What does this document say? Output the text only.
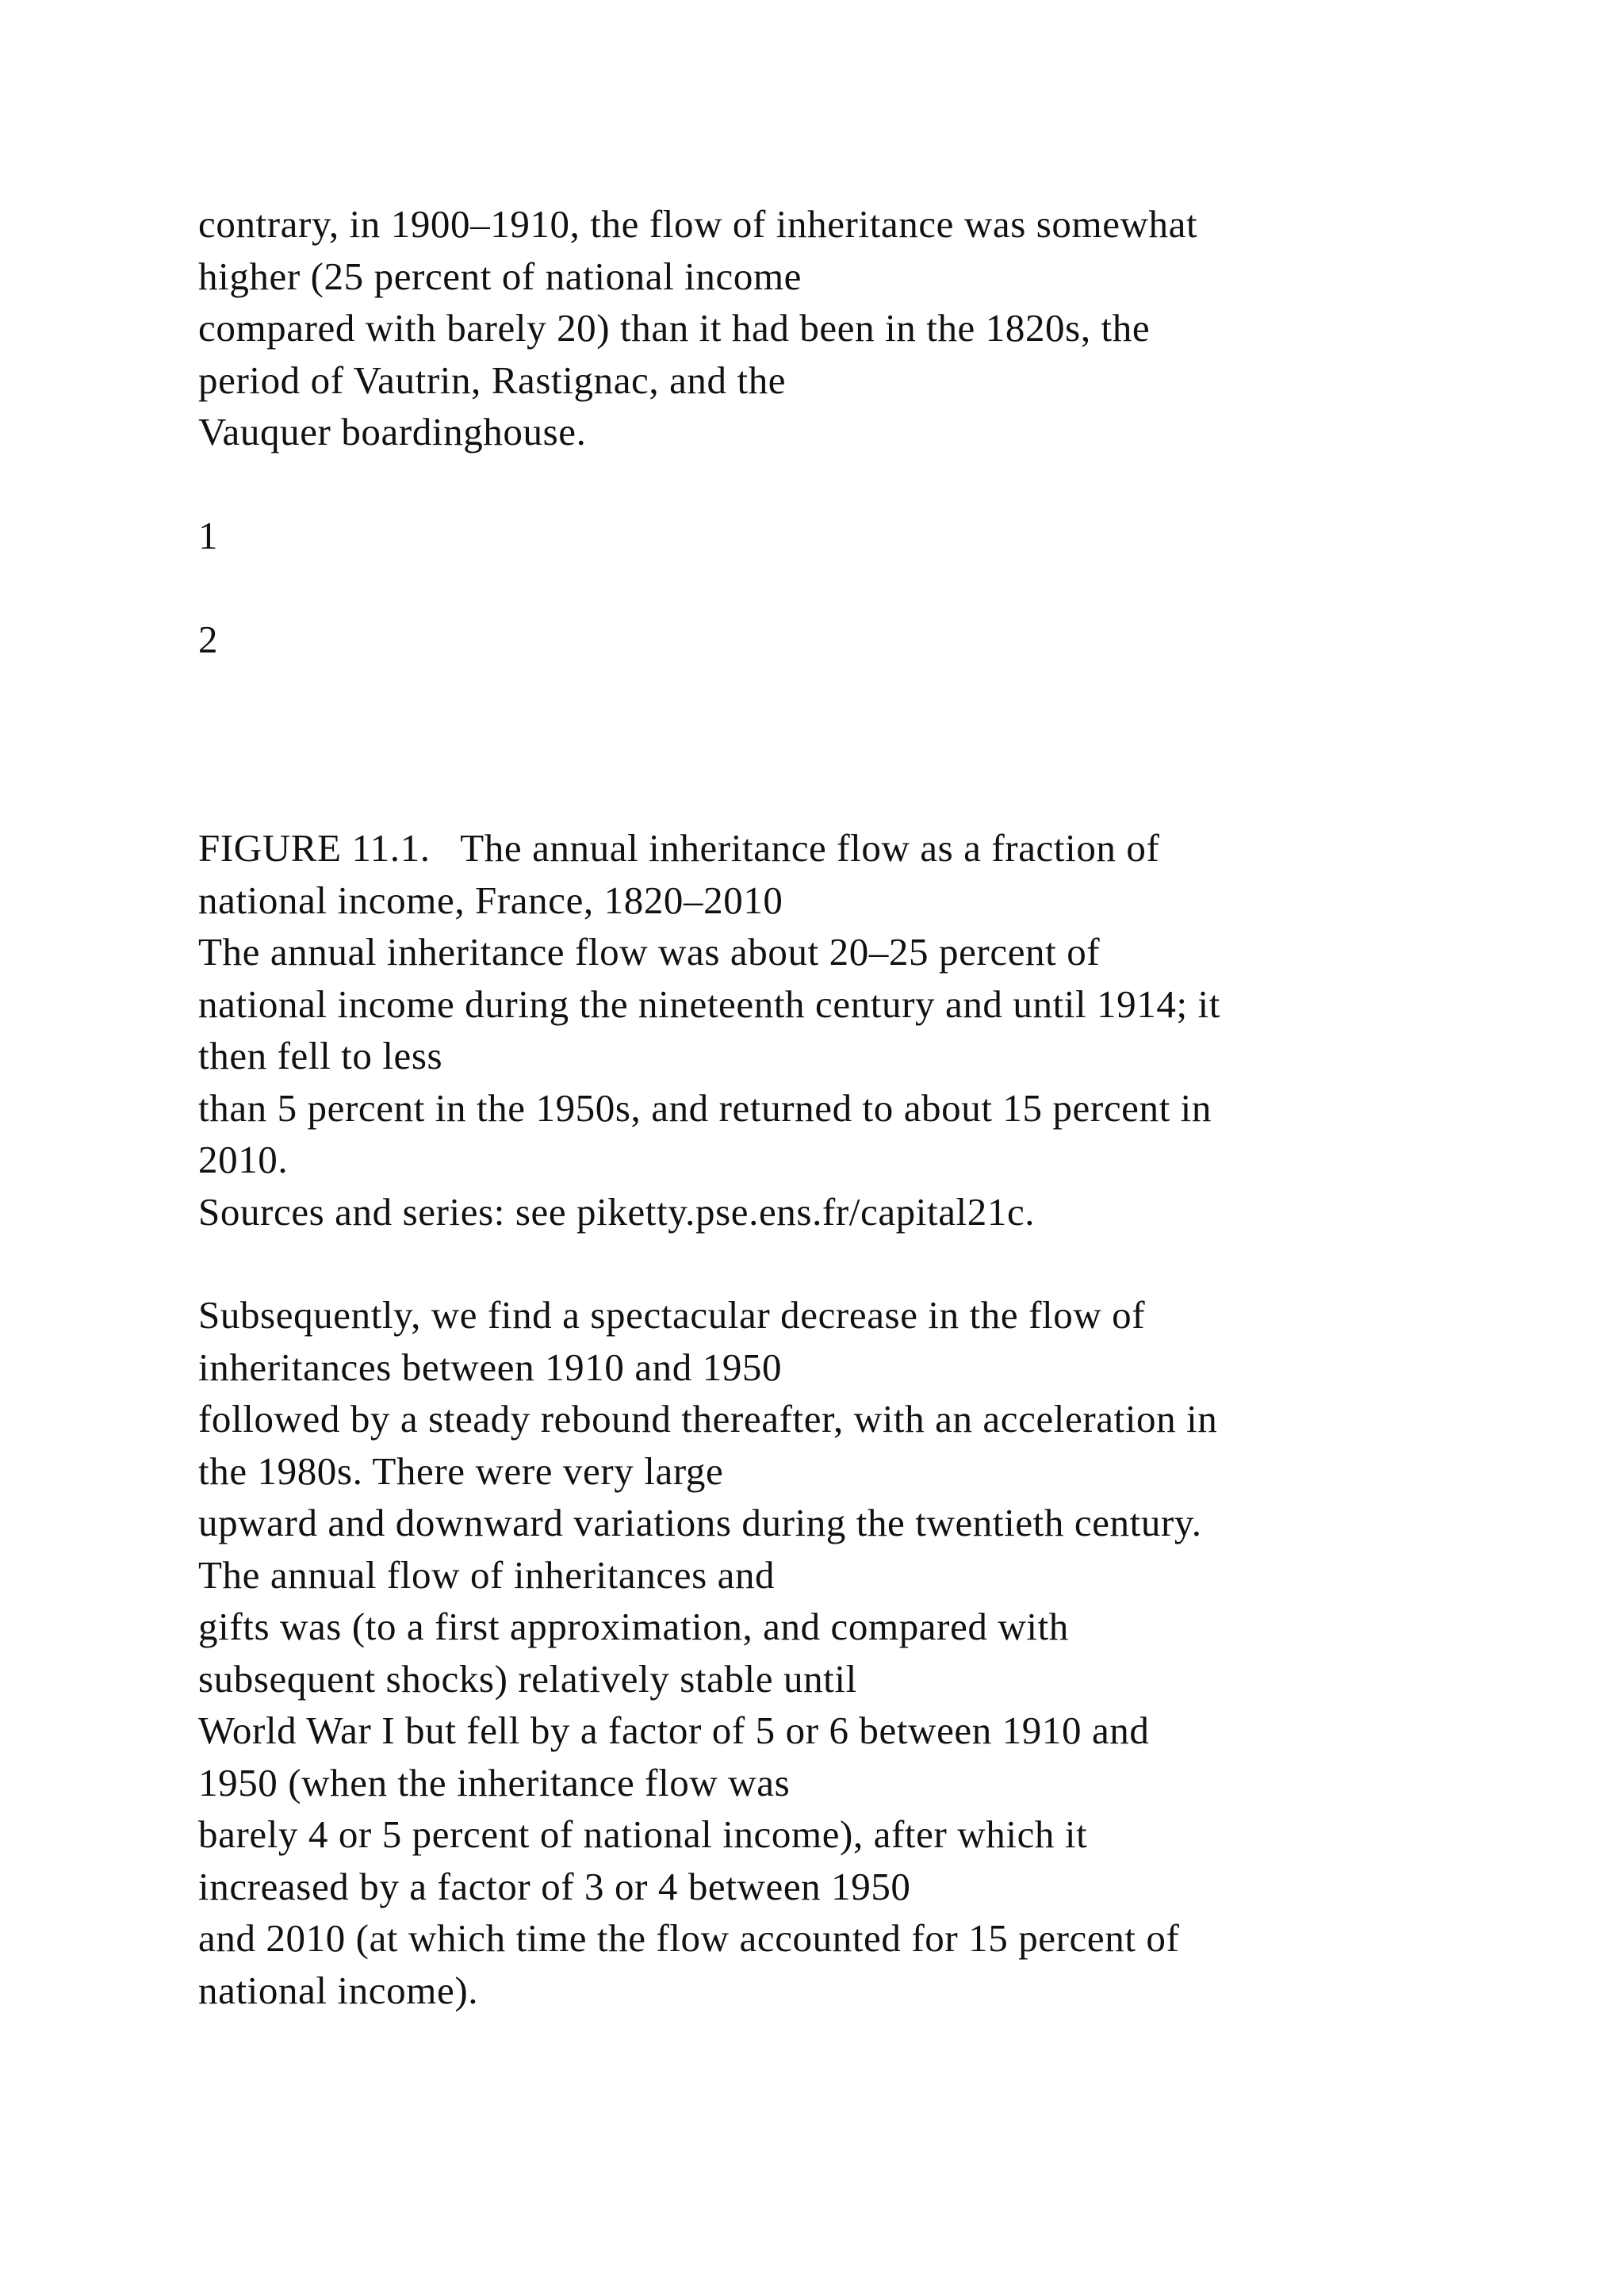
contrary, in 1900–1910, the flow of inheritance was somewhat
higher (25 percent of national income
compared with barely 20) than it had been in the 1820s, the
period of Vautrin, Rastignac, and the
Vauquer boardinghouse.
1
2
FIGURE 11.1.   The annual inheritance flow as a fraction of
national income, France, 1820–2010
The annual inheritance flow was about 20–25 percent of
national income during the nineteenth century and until 1914; it
then fell to less
than 5 percent in the 1950s, and returned to about 15 percent in
2010.
Sources and series: see piketty.pse.ens.fr/capital21c.
Subsequently, we find a spectacular decrease in the flow of
inheritances between 1910 and 1950
followed by a steady rebound thereafter, with an acceleration in
the 1980s. There were very large
upward and downward variations during the twentieth century.
The annual flow of inheritances and
gifts was (to a first approximation, and compared with
subsequent shocks) relatively stable until
World War I but fell by a factor of 5 or 6 between 1910 and
1950 (when the inheritance flow was
barely 4 or 5 percent of national income), after which it
increased by a factor of 3 or 4 between 1950
and 2010 (at which time the flow accounted for 15 percent of
national income).
